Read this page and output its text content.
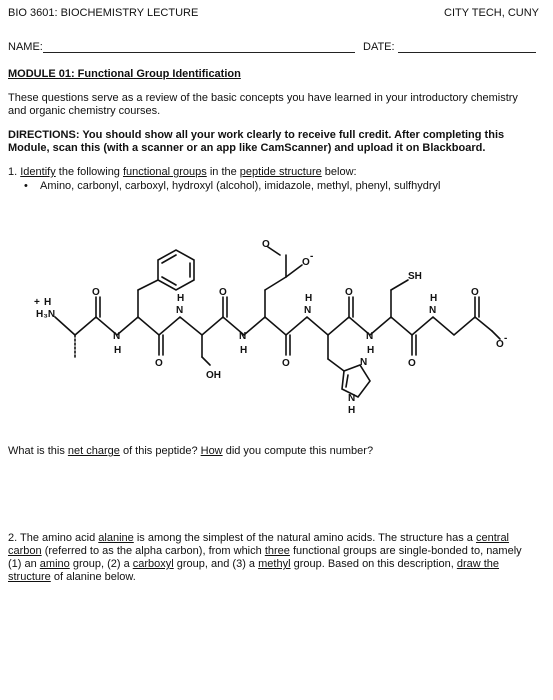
BIO 3601: BIOCHEMISTRY LECTURE	CITY TECH, CUNY
NAME:	DATE:
MODULE 01: Functional Group Identification
These questions serve as a review of the basic concepts you have learned in your introductory chemistry and organic chemistry courses.
DIRECTIONS: You should show all your work clearly to receive full credit. After completing this Module, scan this (with a scanner or an app like CamScanner) and upload it on Blackboard.
1. Identify the following functional groups in the peptide structure below:
• Amino, carbonyl, carboxyl, hydroxyl (alcohol), imidazole, methyl, phenyl, sulfhydryl
H₃N
+ H
O
N
H
O
N
H
OH
O
N
H
O
O
O
-
N
H
O
N
H
O
N
N
H
SH
N
H
O
O
-
What is this net charge of this peptide? How did you compute this number?
2. The amino acid alanine is among the simplest of the natural amino acids. The structure has a central carbon (referred to as the alpha carbon), from which three functional groups are single-bonded to, namely (1) an amino group, (2) a carboxyl group, and (3) a methyl group. Based on this description, draw the structure of alanine below.
